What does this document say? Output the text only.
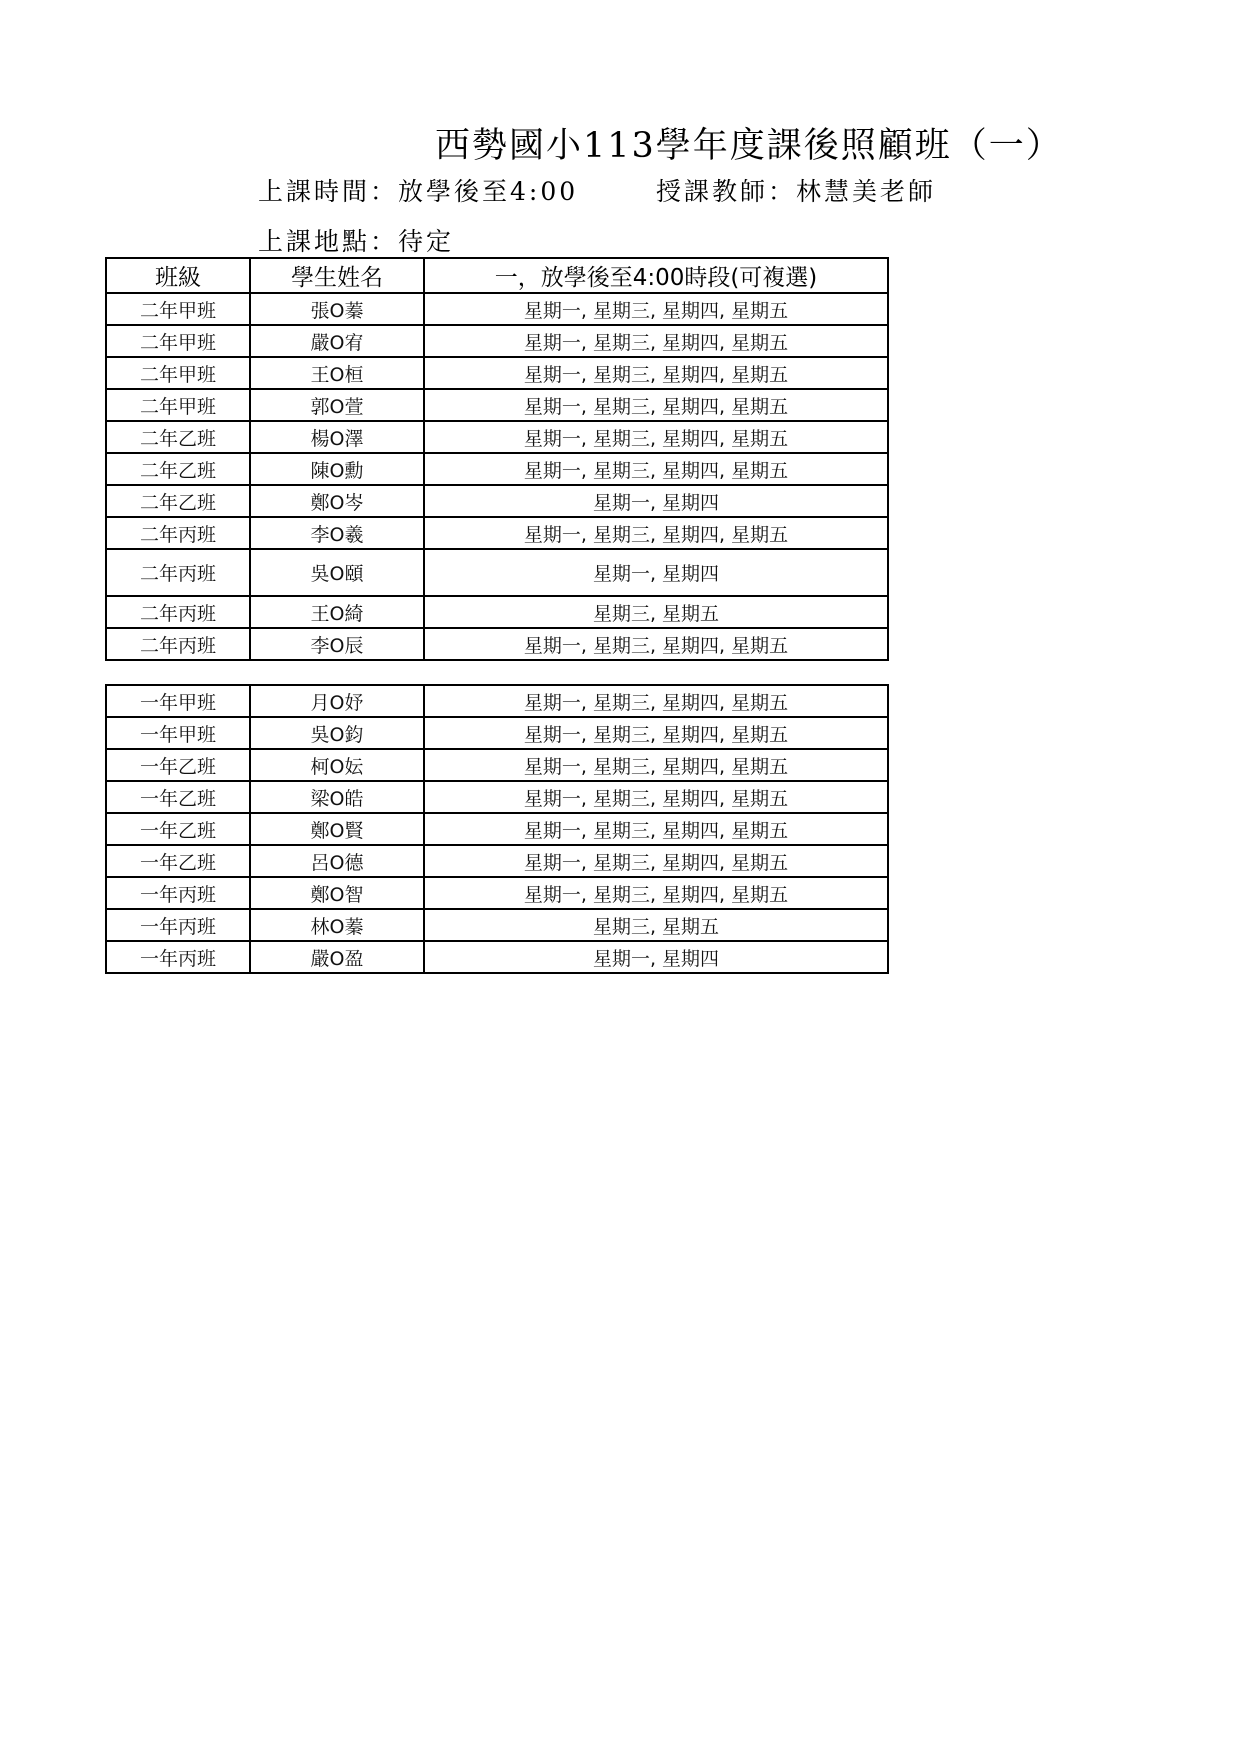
西勢國小113學年度課後照顧班（一）
上課時間：放學後至4:00	授課教師：林慧美老師
上課地點：待定
班級	學生姓名	一，放學後至4:00時段(可複選)
二年甲班	張O蓁	星期一, 星期三, 星期四, 星期五
二年甲班	嚴O宥	星期一, 星期三, 星期四, 星期五
二年甲班	王O桓	星期一, 星期三, 星期四, 星期五
二年甲班	郭O萱	星期一, 星期三, 星期四, 星期五
二年乙班	楊O澤	星期一, 星期三, 星期四, 星期五
二年乙班	陳O勳	星期一, 星期三, 星期四, 星期五
二年乙班	鄭O岑	星期一, 星期四
二年丙班	李O羲	星期一, 星期三, 星期四, 星期五
二年丙班	吳O頤	星期一, 星期四
二年丙班	王O綺	星期三, 星期五
二年丙班	李O辰	星期一, 星期三, 星期四, 星期五
一年甲班	月O妤	星期一, 星期三, 星期四, 星期五
一年甲班	吳O鈞	星期一, 星期三, 星期四, 星期五
一年乙班	柯O妘	星期一, 星期三, 星期四, 星期五
一年乙班	梁O皓	星期一, 星期三, 星期四, 星期五
一年乙班	鄭O賢	星期一, 星期三, 星期四, 星期五
一年乙班	呂O德	星期一, 星期三, 星期四, 星期五
一年丙班	鄭O智	星期一, 星期三, 星期四, 星期五
一年丙班	林O蓁	星期三, 星期五
一年丙班	嚴O盈	星期一, 星期四
